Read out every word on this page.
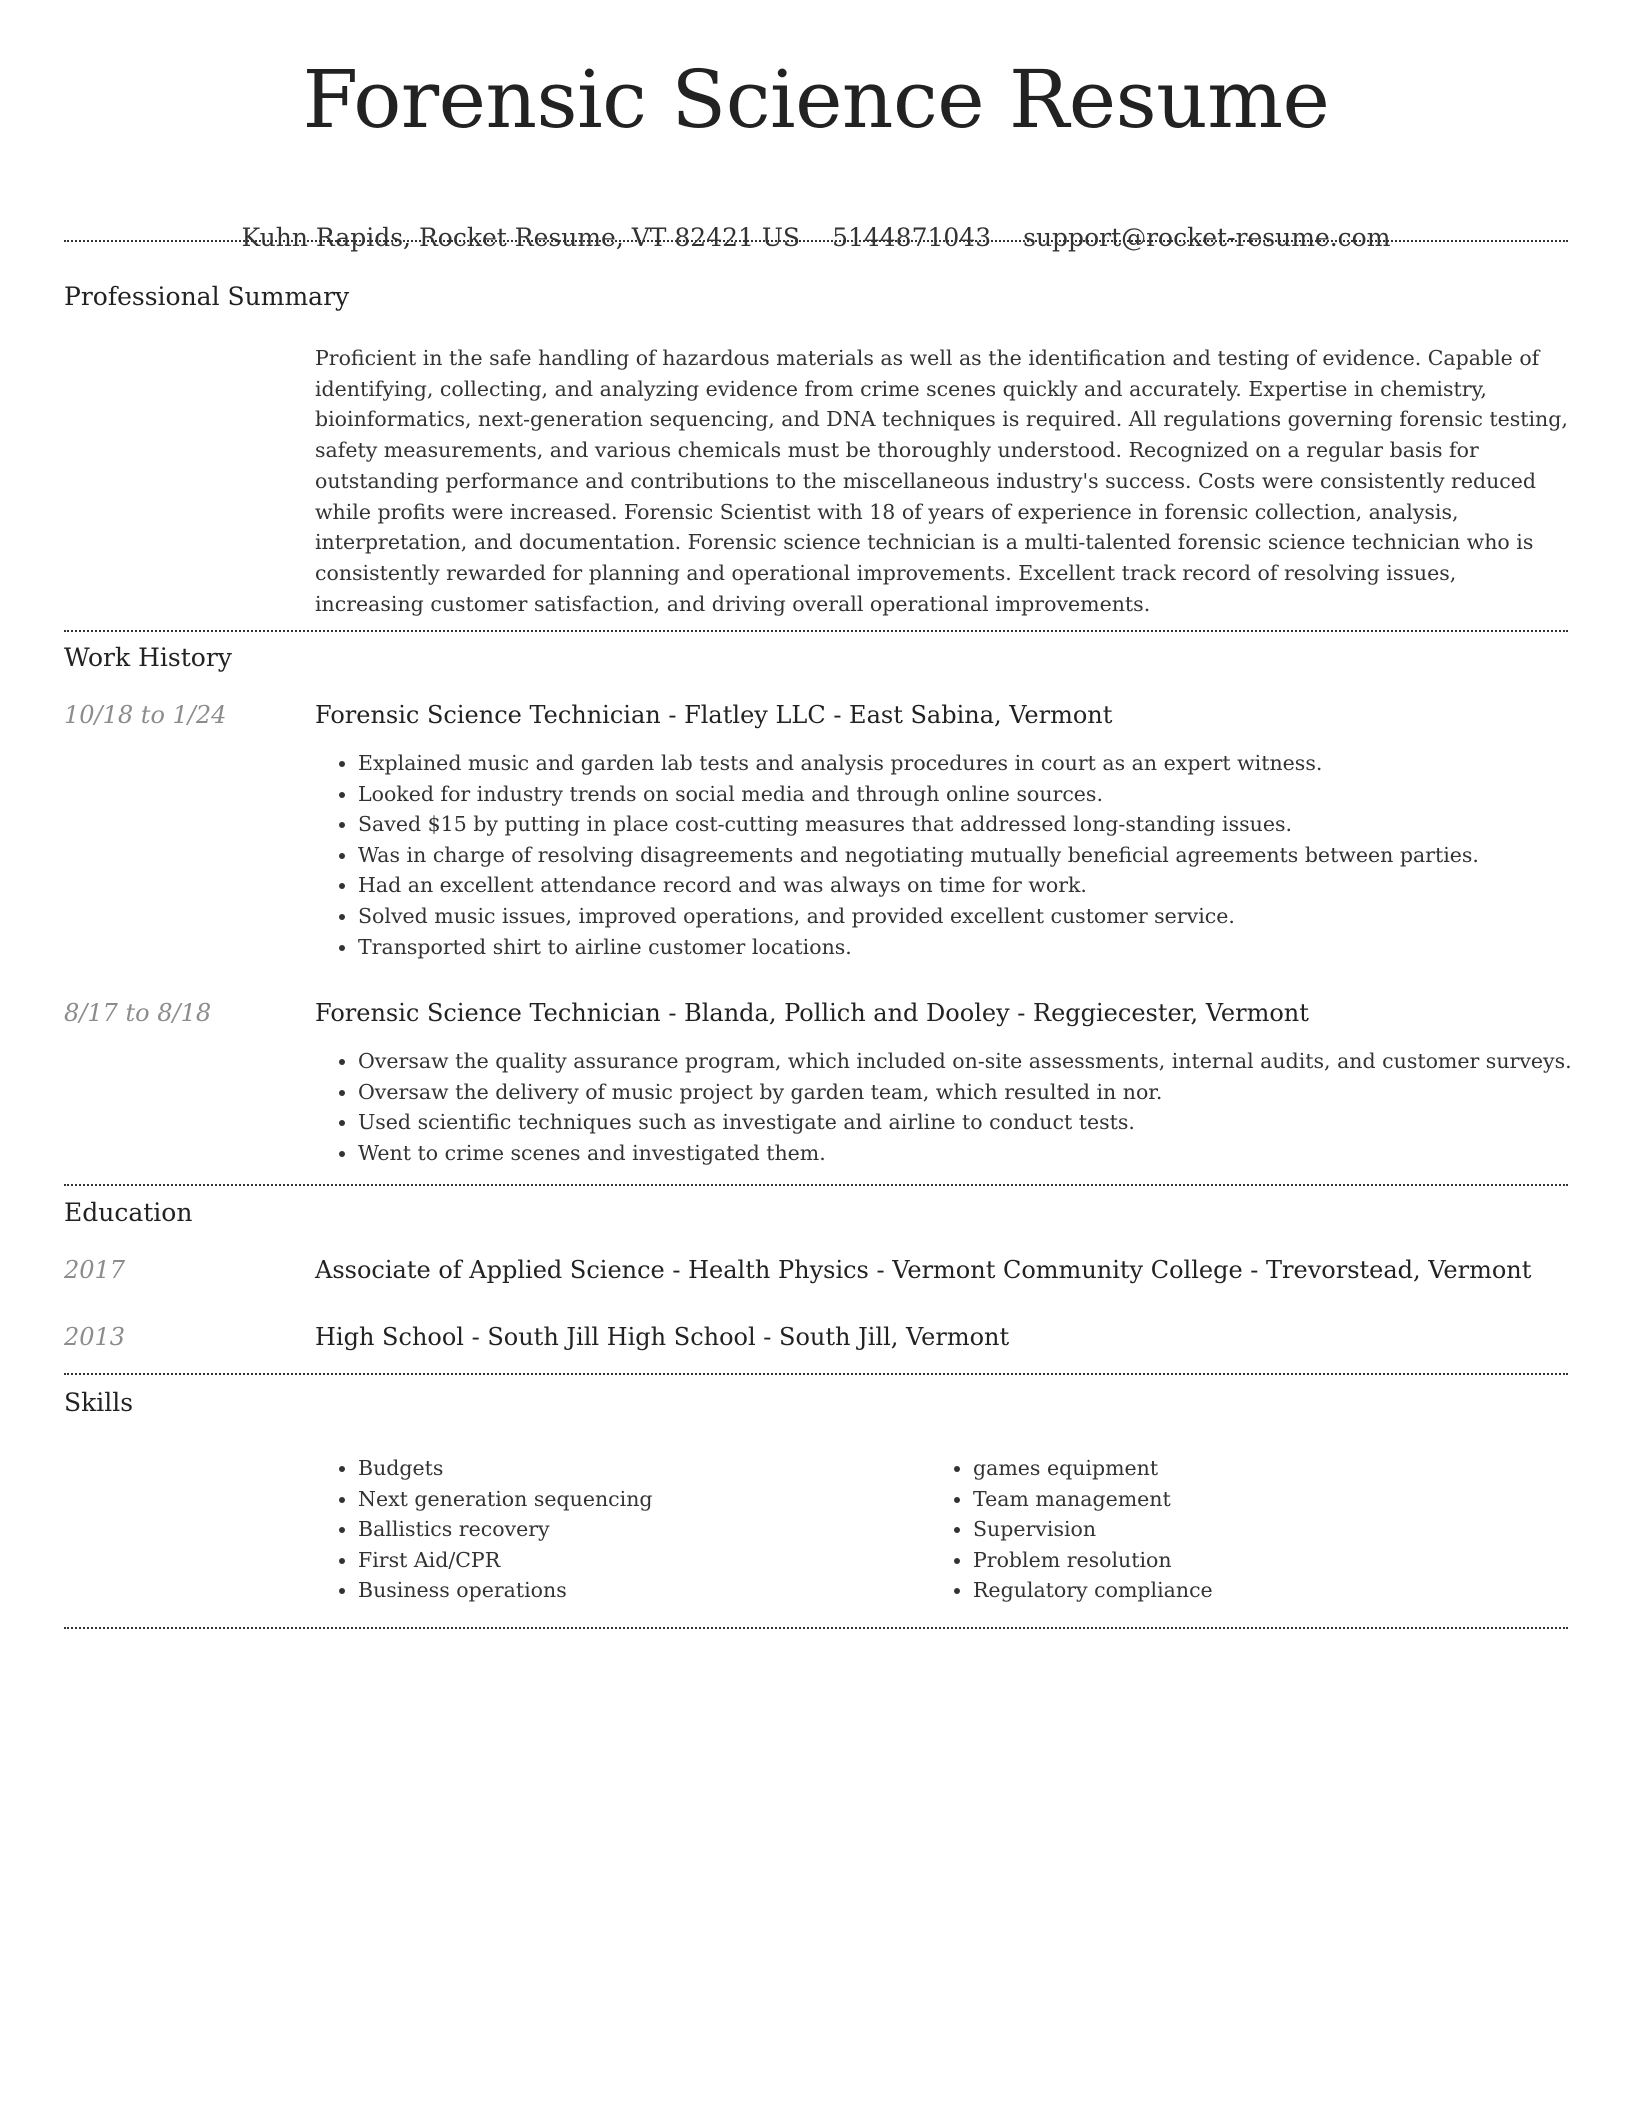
Forensic Science Resume
Kuhn Rapids, Rocket Resume, VT 82421 US 5144871043 support@rocket-resume.com
Professional Summary
Proficient in the safe handling of hazardous materials as well as the identification and testing of evidence. Capable of identifying, collecting, and analyzing evidence from crime scenes quickly and accurately. Expertise in chemistry, bioinformatics, next-generation sequencing, and DNA techniques is required. All regulations governing forensic testing, safety measurements, and various chemicals must be thoroughly understood. Recognized on a regular basis for outstanding performance and contributions to the miscellaneous industry's success. Costs were consistently reduced while profits were increased. Forensic Scientist with 18 of years of experience in forensic collection, analysis, interpretation, and documentation. Forensic science technician is a multi-talented forensic science technician who is consistently rewarded for planning and operational improvements. Excellent track record of resolving issues, increasing customer satisfaction, and driving overall operational improvements.
Work History
10/18 to 1/24	Forensic Science Technician - Flatley LLC - East Sabina, Vermont
• Explained music and garden lab tests and analysis procedures in court as an expert witness.
• Looked for industry trends on social media and through online sources.
• Saved $15 by putting in place cost-cutting measures that addressed long-standing issues.
• Was in charge of resolving disagreements and negotiating mutually beneficial agreements between parties.
• Had an excellent attendance record and was always on time for work.
• Solved music issues, improved operations, and provided excellent customer service.
• Transported shirt to airline customer locations.
8/17 to 8/18	Forensic Science Technician - Blanda, Pollich and Dooley - Reggiecester, Vermont
• Oversaw the quality assurance program, which included on-site assessments, internal audits, and customer surveys.
• Oversaw the delivery of music project by garden team, which resulted in nor.
• Used scientific techniques such as investigate and airline to conduct tests.
• Went to crime scenes and investigated them.
Education
2017	Associate of Applied Science - Health Physics - Vermont Community College - Trevorstead, Vermont
2013	High School - South Jill High School - South Jill, Vermont
Skills
• Budgets
• Next generation sequencing
• Ballistics recovery
• First Aid/CPR
• Business operations
• games equipment
• Team management
• Supervision
• Problem resolution
• Regulatory compliance
